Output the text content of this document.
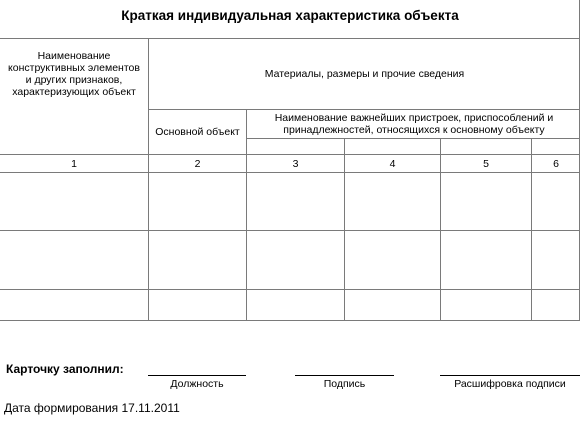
Краткая индивидуальная характеристика объекта
Наименование конструктивных элементов и других признаков, характеризующих объект
Материалы, размеры и прочие сведения
Основной объект
Наименование важнейших пристроек, приспособлений и принадлежностей, относящихся к основному объекту
1	2	3	4	5	6
Карточку заполнил:
Должность	Подпись	Расшифровка подписи
Дата формирования 17.11.2011
